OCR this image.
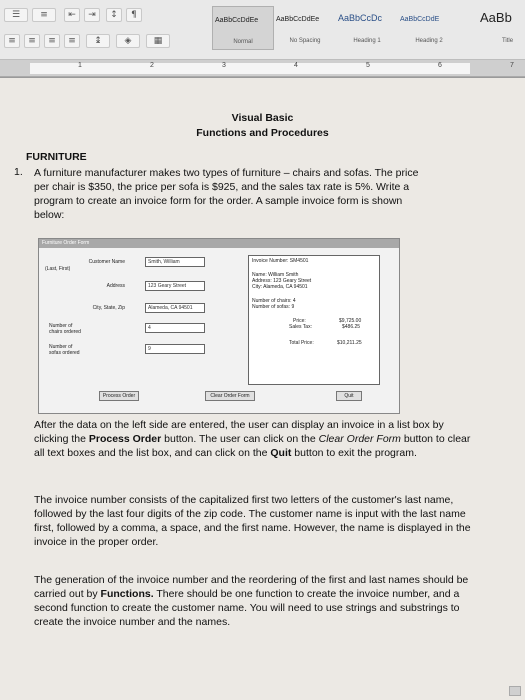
☰	≡	⇤	⇥	↕	¶
≡	≡	≡	≡	↨	◈	▦
AaBbCcDdEe
Normal
AaBbCcDdEe
No Spacing
AaBbCcDc
Heading 1
AaBbCcDdE
Heading 2
AaBb
Title
1	2	3	4	5	6	7
Visual Basic
Functions and Procedures
FURNITURE
1. A furniture manufacturer makes two types of furniture – chairs and sofas. The price
per chair is $350, the price per sofa is $925, and the sales tax rate is 5%. Write a
program to create an invoice form for the order. A sample invoice form is shown
below:
Furniture Order Form
Customer Name
(Last, First)
Smith, William
Address	123 Geary Street
City, State, Zip	Alameda, CA 94501
Number of
chairs ordered
4
Number of
sofas ordered
9
Invoice Number: SM4501
Name: William Smith
Address: 123 Geary Street
City: Alameda, CA 94501
Number of chairs: 4
Number of sofas: 9
Price:	$9,725.00
Sales Tax:	$486.25
Total Price:	$10,211.25
Process Order	Clear Order Form	Quit
After the data on the left side are entered, the user can display an invoice in a list box by clicking the Process Order button. The user can click on the Clear Order Form button to clear all text boxes and the list box, and can click on the Quit button to exit the program.
The invoice number consists of the capitalized first two letters of the customer's last name, followed by the last four digits of the zip code. The customer name is input with the last name first, followed by a comma, a space, and the first name. However, the name is displayed in the invoice in the proper order.
The generation of the invoice number and the reordering of the first and last names should be carried out by Functions. There should be one function to create the invoice number, and a second function to create the customer name. You will need to use strings and substrings to create the invoice number and the names.
